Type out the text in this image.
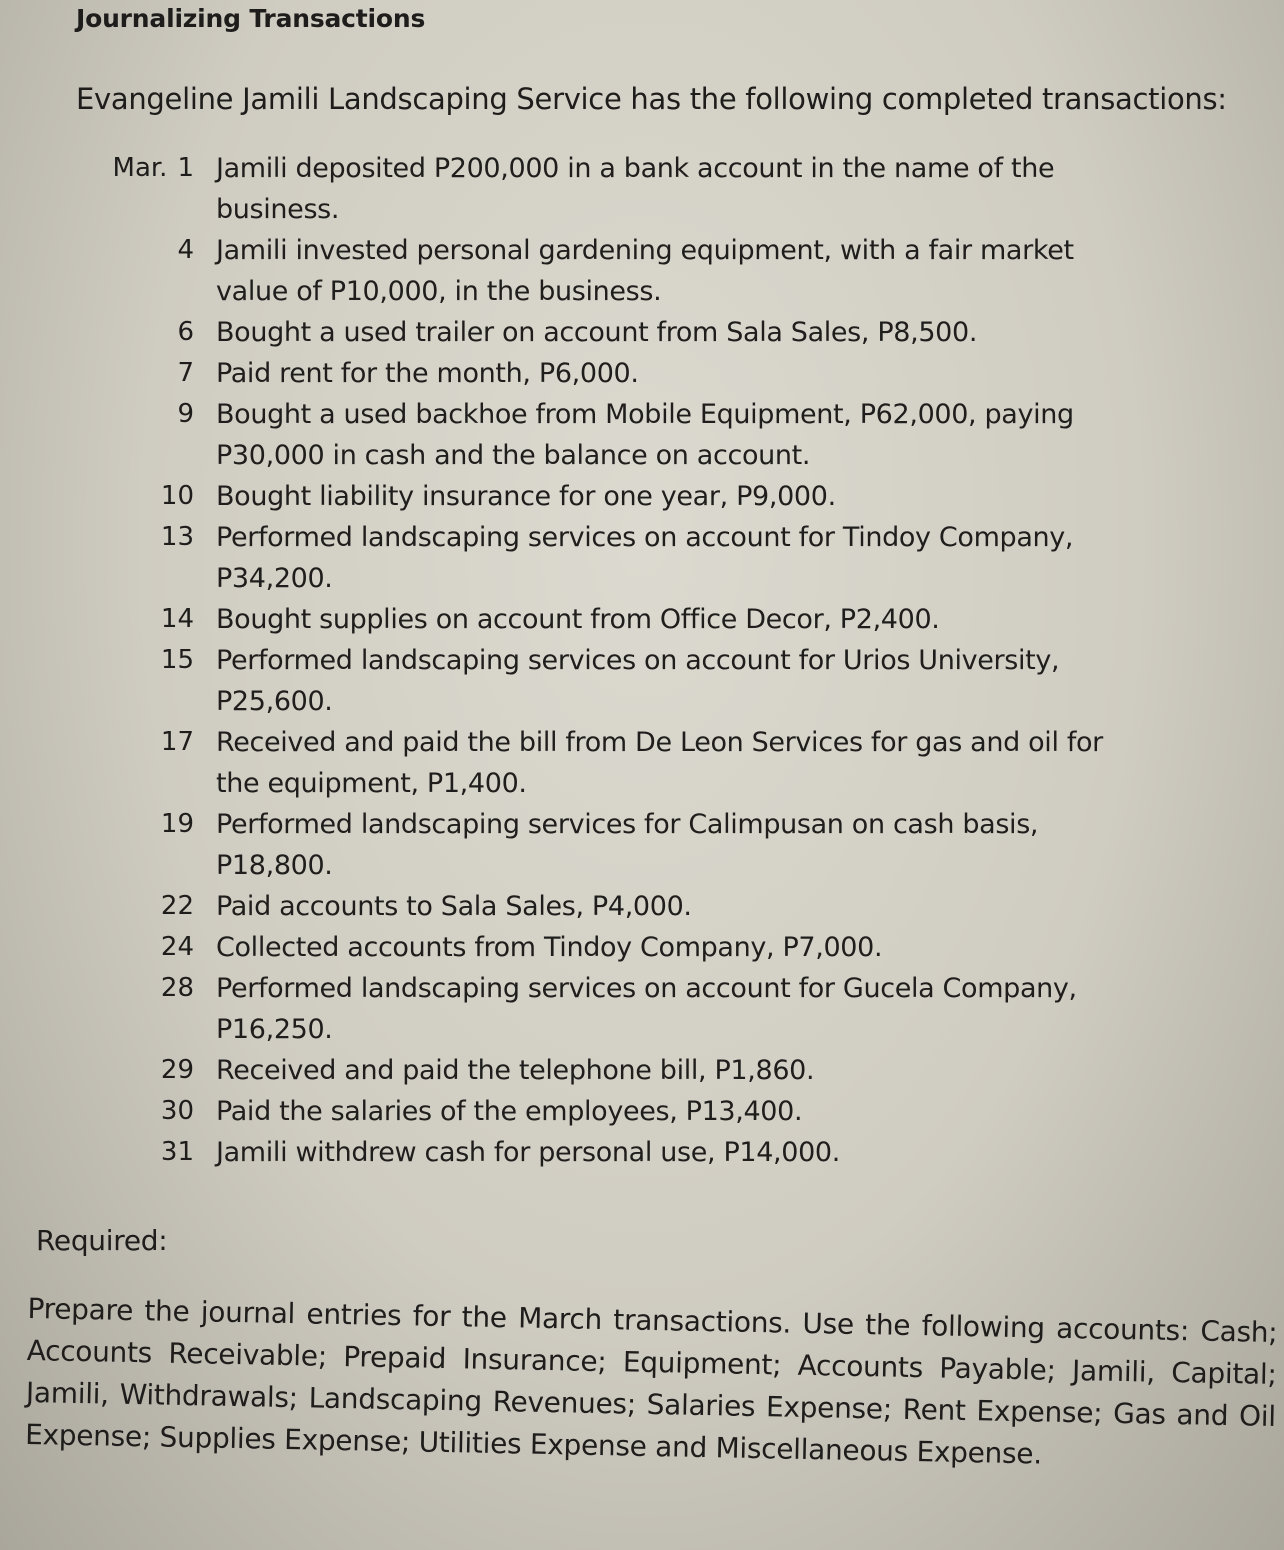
Journalizing Transactions
Evangeline Jamili Landscaping Service has the following completed transactions:
Mar. 1 Jamili deposited P200,000 in a bank account in the name of the business.
4 Jamili invested personal gardening equipment, with a fair market value of P10,000, in the business.
6 Bought a used trailer on account from Sala Sales, P8,500.
7 Paid rent for the month, P6,000.
9 Bought a used backhoe from Mobile Equipment, P62,000, paying P30,000 in cash and the balance on account.
10 Bought liability insurance for one year, P9,000.
13 Performed landscaping services on account for Tindoy Company, P34,200.
14 Bought supplies on account from Office Decor, P2,400.
15 Performed landscaping services on account for Urios University, P25,600.
17 Received and paid the bill from De Leon Services for gas and oil for the equipment, P1,400.
19 Performed landscaping services for Calimpusan on cash basis, P18,800.
22 Paid accounts to Sala Sales, P4,000.
24 Collected accounts from Tindoy Company, P7,000.
28 Performed landscaping services on account for Gucela Company, P16,250.
29 Received and paid the telephone bill, P1,860.
30 Paid the salaries of the employees, P13,400.
31 Jamili withdrew cash for personal use, P14,000.
Required:
Prepare the journal entries for the March transactions. Use the following accounts: Cash; Accounts Receivable; Prepaid Insurance; Equipment; Accounts Payable; Jamili, Capital; Jamili, Withdrawals; Landscaping Revenues; Salaries Expense; Rent Expense; Gas and Oil Expense; Supplies Expense; Utilities Expense and Miscellaneous Expense.
